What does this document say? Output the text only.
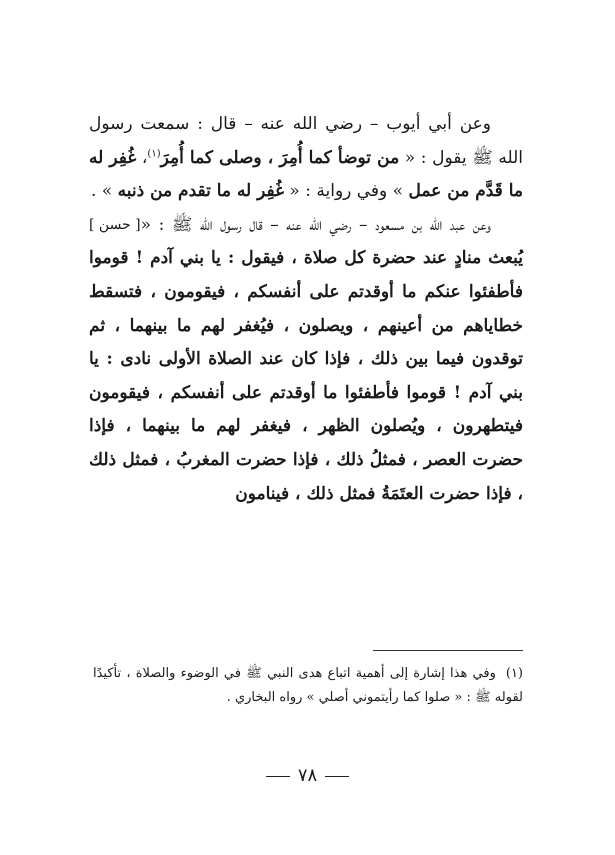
وعن أبي أيوب – رضي الله عنه – قال : سمعت رسول الله ﷺ يقول : « من توضأ كما أُمِرَ ، وصلى كما أُمِرَ$^{(١)}$، غُفِر له ما قَدَّم من عمل » وفي رواية : « غُفِر له ما تقدم من ذنبه » .
[ حسن ] وعن عبد الله بن مسعود – رضي الله عنه – قال رسول الله ﷺ : « يُبعث منادٍ عند حضرة كل صلاة ، فيقول : يا بني آدم ! قوموا فأطفئوا عنكم ما أوقدتم على أنفسكم ، فيقومون ، فتسقط خطاياهم من أعينهم ، ويصلون ، فيُغفر لهم ما بينهما ، ثم توقدون فيما بين ذلك ، فإذا كان عند الصلاة الأولى نادى : يا بني آدم ! قوموا فأطفئوا ما أوقدتم على أنفسكم ، فيقومون فيتطهرون ، ويُصلون الظهر ، فيغفر لهم ما بينهما ، فإذا حضرت العصر ، فمثلُ ذلك ، فإذا حضرت المغربُ ، فمثل ذلك ، فإذا حضرت العتَمَةُ فمثل ذلك ، فينامون

(١)وفي هذا إشارة إلى أهمية اتباع هدى النبي ﷺ في الوضوء والصلاة ، تأكيدًا لقوله ﷺ : « صلوا كما رأيتموني أصلي » رواه البخاري .

٧٨
